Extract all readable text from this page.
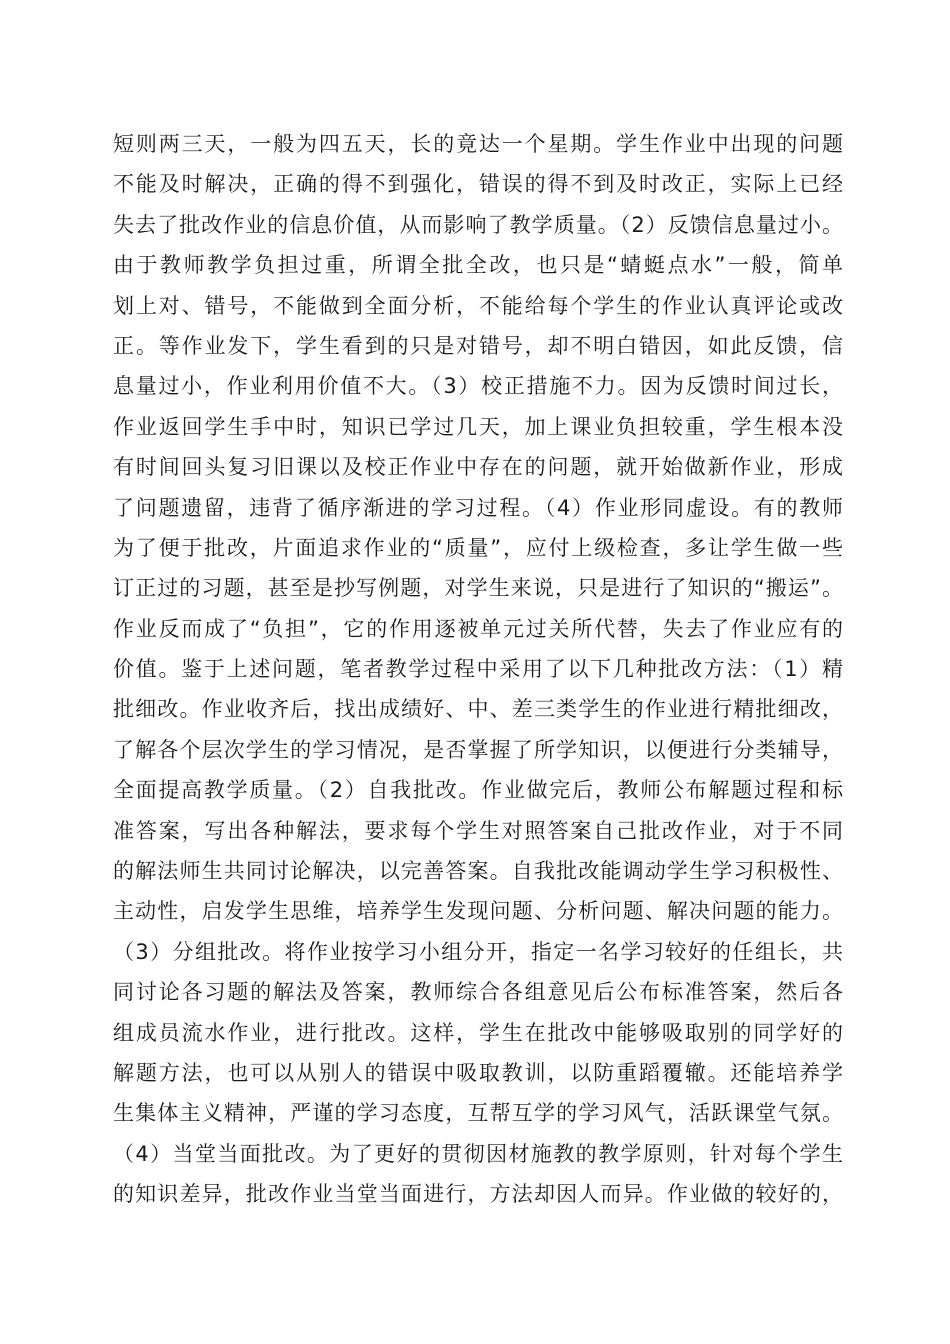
短则两三天，一般为四五天，长的竟达一个星期。学生作业中出现的问题
不能及时解决，正确的得不到强化，错误的得不到及时改正，实际上已经
失去了批改作业的信息价值，从而影响了教学质量。（2）反馈信息量过小。
由于教师教学负担过重，所谓全批全改，也只是“蜻蜓点水”一般，简单
划上对、错号，不能做到全面分析，不能给每个学生的作业认真评论或改
正。等作业发下，学生看到的只是对错号，却不明白错因，如此反馈，信
息量过小，作业利用价值不大。（3）校正措施不力。因为反馈时间过长，
作业返回学生手中时，知识已学过几天，加上课业负担较重，学生根本没
有时间回头复习旧课以及校正作业中存在的问题，就开始做新作业，形成
了问题遗留，违背了循序渐进的学习过程。（4）作业形同虚设。有的教师
为了便于批改，片面追求作业的“质量”，应付上级检查，多让学生做一些
订正过的习题，甚至是抄写例题，对学生来说，只是进行了知识的“搬运”。
作业反而成了“负担”，它的作用逐被单元过关所代替，失去了作业应有的
价值。鉴于上述问题，笔者教学过程中采用了以下几种批改方法：（1）精
批细改。作业收齐后，找出成绩好、中、差三类学生的作业进行精批细改，
了解各个层次学生的学习情况，是否掌握了所学知识，以便进行分类辅导，
全面提高教学质量。（2）自我批改。作业做完后，教师公布解题过程和标
准答案，写出各种解法，要求每个学生对照答案自己批改作业，对于不同
的解法师生共同讨论解决，以完善答案。自我批改能调动学生学习积极性、
主动性，启发学生思维，培养学生发现问题、分析问题、解决问题的能力。
（3）分组批改。将作业按学习小组分开，指定一名学习较好的任组长，共
同讨论各习题的解法及答案，教师综合各组意见后公布标准答案，然后各
组成员流水作业，进行批改。这样，学生在批改中能够吸取别的同学好的
解题方法，也可以从别人的错误中吸取教训，以防重蹈覆辙。还能培养学
生集体主义精神，严谨的学习态度，互帮互学的学习风气，活跃课堂气氛。
（4）当堂当面批改。为了更好的贯彻因材施教的教学原则，针对每个学生
的知识差异，批改作业当堂当面进行，方法却因人而异。作业做的较好的，
